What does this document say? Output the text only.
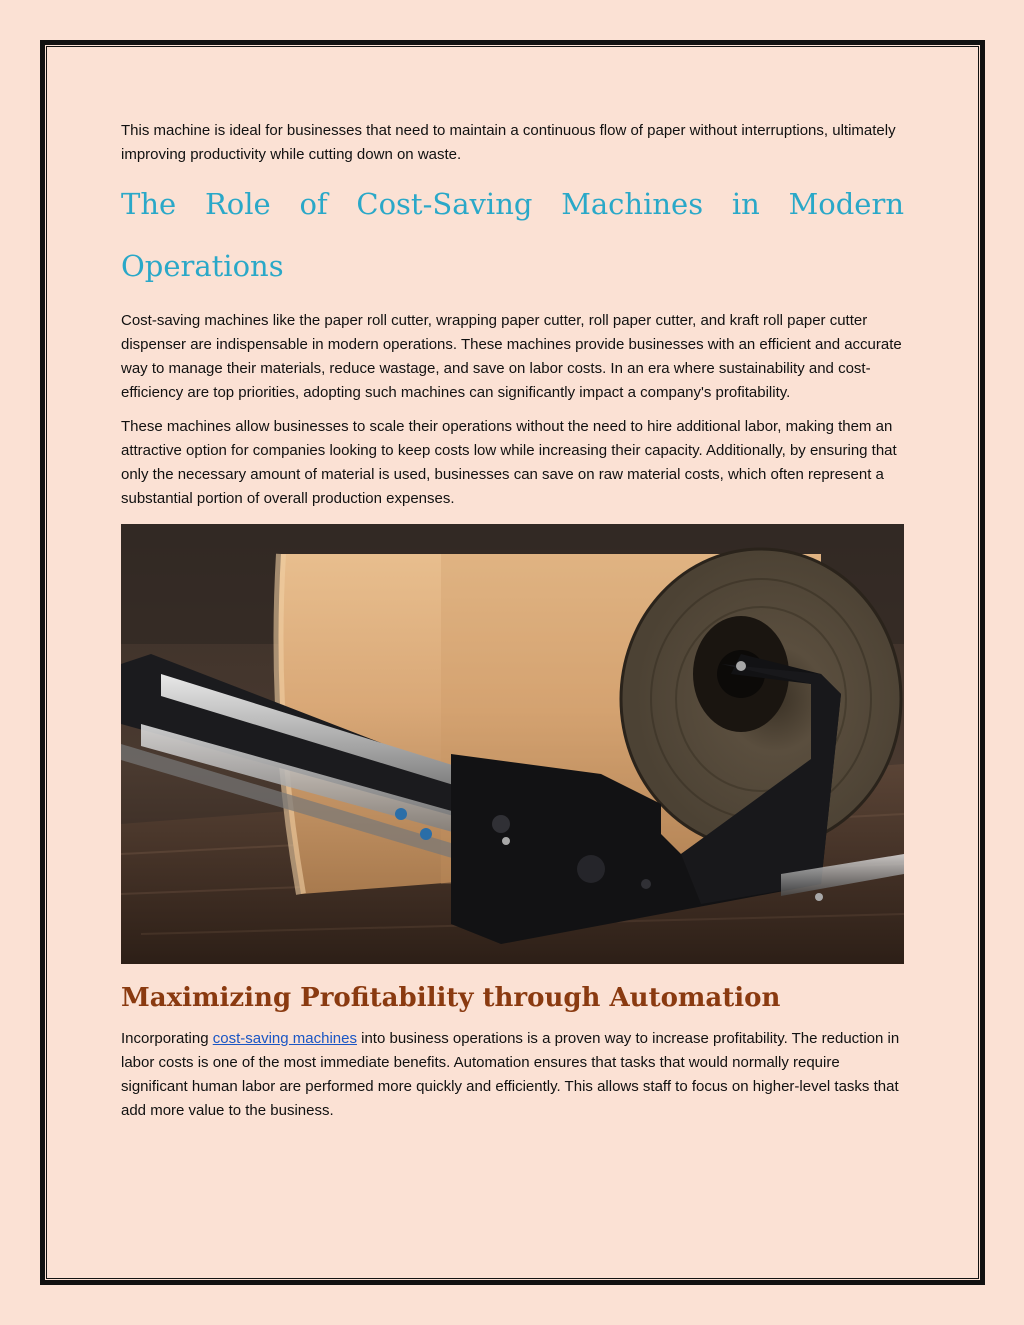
This machine is ideal for businesses that need to maintain a continuous flow of paper without interruptions, ultimately improving productivity while cutting down on waste.

The Role of Cost-Saving Machines in Modern
Operations

Cost-saving machines like the paper roll cutter, wrapping paper cutter, roll paper cutter, and kraft roll paper cutter dispenser are indispensable in modern operations. These machines provide businesses with an efficient and accurate way to manage their materials, reduce wastage, and save on labor costs. In an era where sustainability and cost-efficiency are top priorities, adopting such machines can significantly impact a company's profitability.

These machines allow businesses to scale their operations without the need to hire additional labor, making them an attractive option for companies looking to keep costs low while increasing their capacity. Additionally, by ensuring that only the necessary amount of material is used, businesses can save on raw material costs, which often represent a substantial portion of overall production expenses.

Maximizing Profitability through Automation

Incorporating cost-saving machines into business operations is a proven way to increase profitability. The reduction in labor costs is one of the most immediate benefits. Automation ensures that tasks that would normally require significant human labor are performed more quickly and efficiently. This allows staff to focus on higher-level tasks that add more value to the business.
